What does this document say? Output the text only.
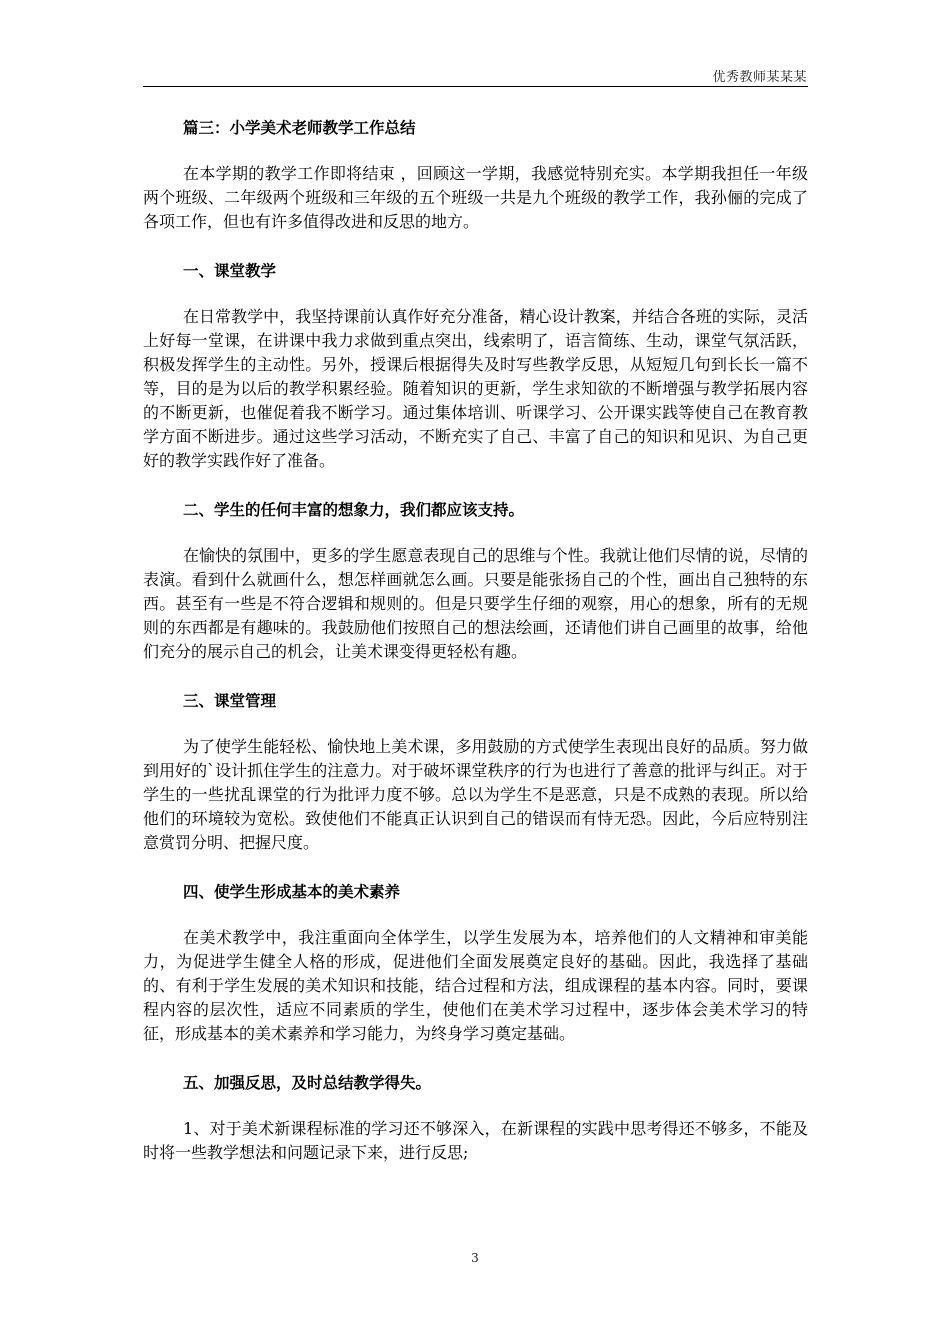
优秀教师某某某

篇三：小学美术老师教学工作总结

在本学期的教学工作即将结束 ，回顾这一学期，我感觉特别充实。本学期我担任一年级两个班级、二年级两个班级和三年级的五个班级一共是九个班级的教学工作，我孙俪的完成了各项工作，但也有许多值得改进和反思的地方。

一、课堂教学

在日常教学中，我坚持课前认真作好充分准备，精心设计教案，并结合各班的实际，灵活上好每一堂课，在讲课中我力求做到重点突出，线索明了，语言简练、生动，课堂气氛活跃，积极发挥学生的主动性。另外，授课后根据得失及时写些教学反思，从短短几句到长长一篇不等，目的是为以后的教学积累经验。随着知识的更新，学生求知欲的不断增强与教学拓展内容的不断更新，也催促着我不断学习。通过集体培训、听课学习、公开课实践等使自己在教育教学方面不断进步。通过这些学习活动，不断充实了自己、丰富了自己的知识和见识、为自己更好的教学实践作好了准备。

二、学生的任何丰富的想象力，我们都应该支持。

在愉快的氛围中，更多的学生愿意表现自己的思维与个性。我就让他们尽情的说，尽情的表演。看到什么就画什么，想怎样画就怎么画。只要是能张扬自己的个性，画出自己独特的东西。甚至有一些是不符合逻辑和规则的。但是只要学生仔细的观察，用心的想象，所有的无规则的东西都是有趣味的。我鼓励他们按照自己的想法绘画，还请他们讲自己画里的故事，给他们充分的展示自己的机会，让美术课变得更轻松有趣。

三、课堂管理

为了使学生能轻松、愉快地上美术课，多用鼓励的方式使学生表现出良好的品质。努力做到用好的`设计抓住学生的注意力。对于破坏课堂秩序的行为也进行了善意的批评与纠正。对于学生的一些扰乱课堂的行为批评力度不够。总以为学生不是恶意，只是不成熟的表现。所以给他们的环境较为宽松。致使他们不能真正认识到自己的错误而有恃无恐。因此，今后应特别注意赏罚分明、把握尺度。

四、使学生形成基本的美术素养

在美术教学中，我注重面向全体学生，以学生发展为本，培养他们的人文精神和审美能力，为促进学生健全人格的形成，促进他们全面发展奠定良好的基础。因此，我选择了基础的、有利于学生发展的美术知识和技能，结合过程和方法，组成课程的基本内容。同时，要课程内容的层次性，适应不同素质的学生，使他们在美术学习过程中，逐步体会美术学习的特征，形成基本的美术素养和学习能力，为终身学习奠定基础。

五、加强反思，及时总结教学得失。

1、对于美术新课程标准的学习还不够深入，在新课程的实践中思考得还不够多，不能及时将一些教学想法和问题记录下来，进行反思;

3
